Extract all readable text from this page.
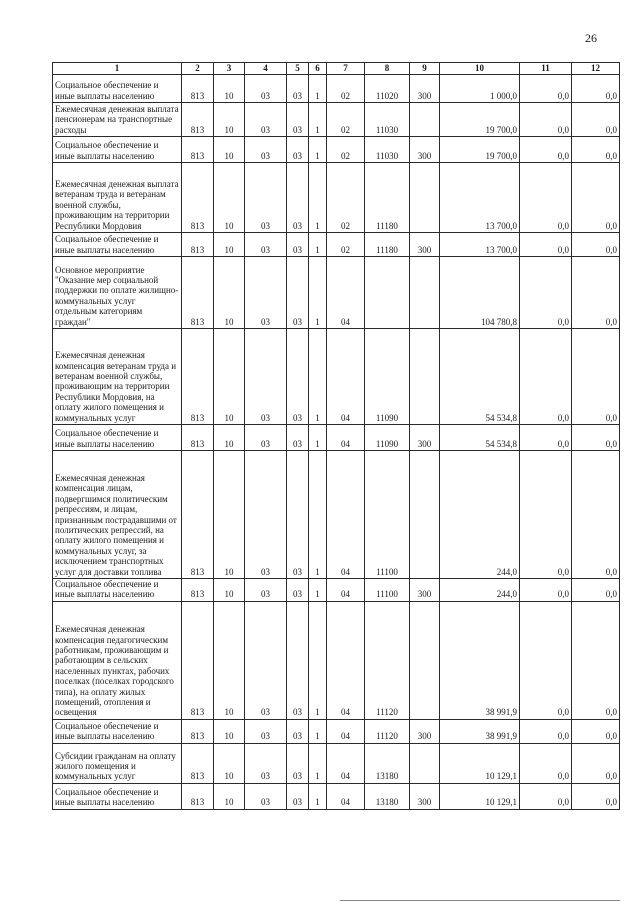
26
1	2	3	4	5	6	7	8	9	10	11	12
Социальное обеспечение и иные выплаты населению	813	10	03	03	1	02	11020	300	1 000,0	0,0	0,0
Ежемесячная денежная выплата пенсионерам на транспортные расходы	813	10	03	03	1	02	11030		19 700,0	0,0	0,0
Социальное обеспечение и иные выплаты населению	813	10	03	03	1	02	11030	300	19 700,0	0,0	0,0
Ежемесячная денежная выплата ветеранам труда и ветеранам военной службы, проживающим на территории Республики Мордовия	813	10	03	03	1	02	11180		13 700,0	0,0	0,0
Социальное обеспечение и иные выплаты населению	813	10	03	03	1	02	11180	300	13 700,0	0,0	0,0
Основное мероприятие "Оказание мер социальной поддержки по оплате жилищно-коммунальных услуг отдельным категориям граждан"	813	10	03	03	1	04			104 780,8	0,0	0,0
Ежемесячная денежная компенсация ветеранам труда и ветеранам военной службы, проживающим на территории Республики Мордовия, на оплату жилого помещения и коммунальных услуг	813	10	03	03	1	04	11090		54 534,8	0,0	0,0
Социальное обеспечение и иные выплаты населению	813	10	03	03	1	04	11090	300	54 534,8	0,0	0,0
Ежемесячная денежная компенсация лицам, подвергшимся политическим репрессиям, и лицам, признанным пострадавшими от политических репрессий, на оплату жилого помещения и коммунальных услуг, за исключением транспортных услуг для доставки топлива	813	10	03	03	1	04	11100		244,0	0,0	0,0
Социальное обеспечение и иные выплаты населению	813	10	03	03	1	04	11100	300	244,0	0,0	0,0
Ежемесячная денежная компенсация педагогическим работникам, проживающим и работающим в сельских населенных пунктах, рабочих поселках (поселках городского типа), на оплату жилых помещений, отопления и освещения	813	10	03	03	1	04	11120		38 991,9	0,0	0,0
Социальное обеспечение и иные выплаты населению	813	10	03	03	1	04	11120	300	38 991,9	0,0	0,0
Субсидии гражданам на оплату жилого помещения и коммунальных услуг	813	10	03	03	1	04	13180		10 129,1	0,0	0,0
Социальное обеспечение и иные выплаты населению	813	10	03	03	1	04	13180	300	10 129,1	0,0	0,0
